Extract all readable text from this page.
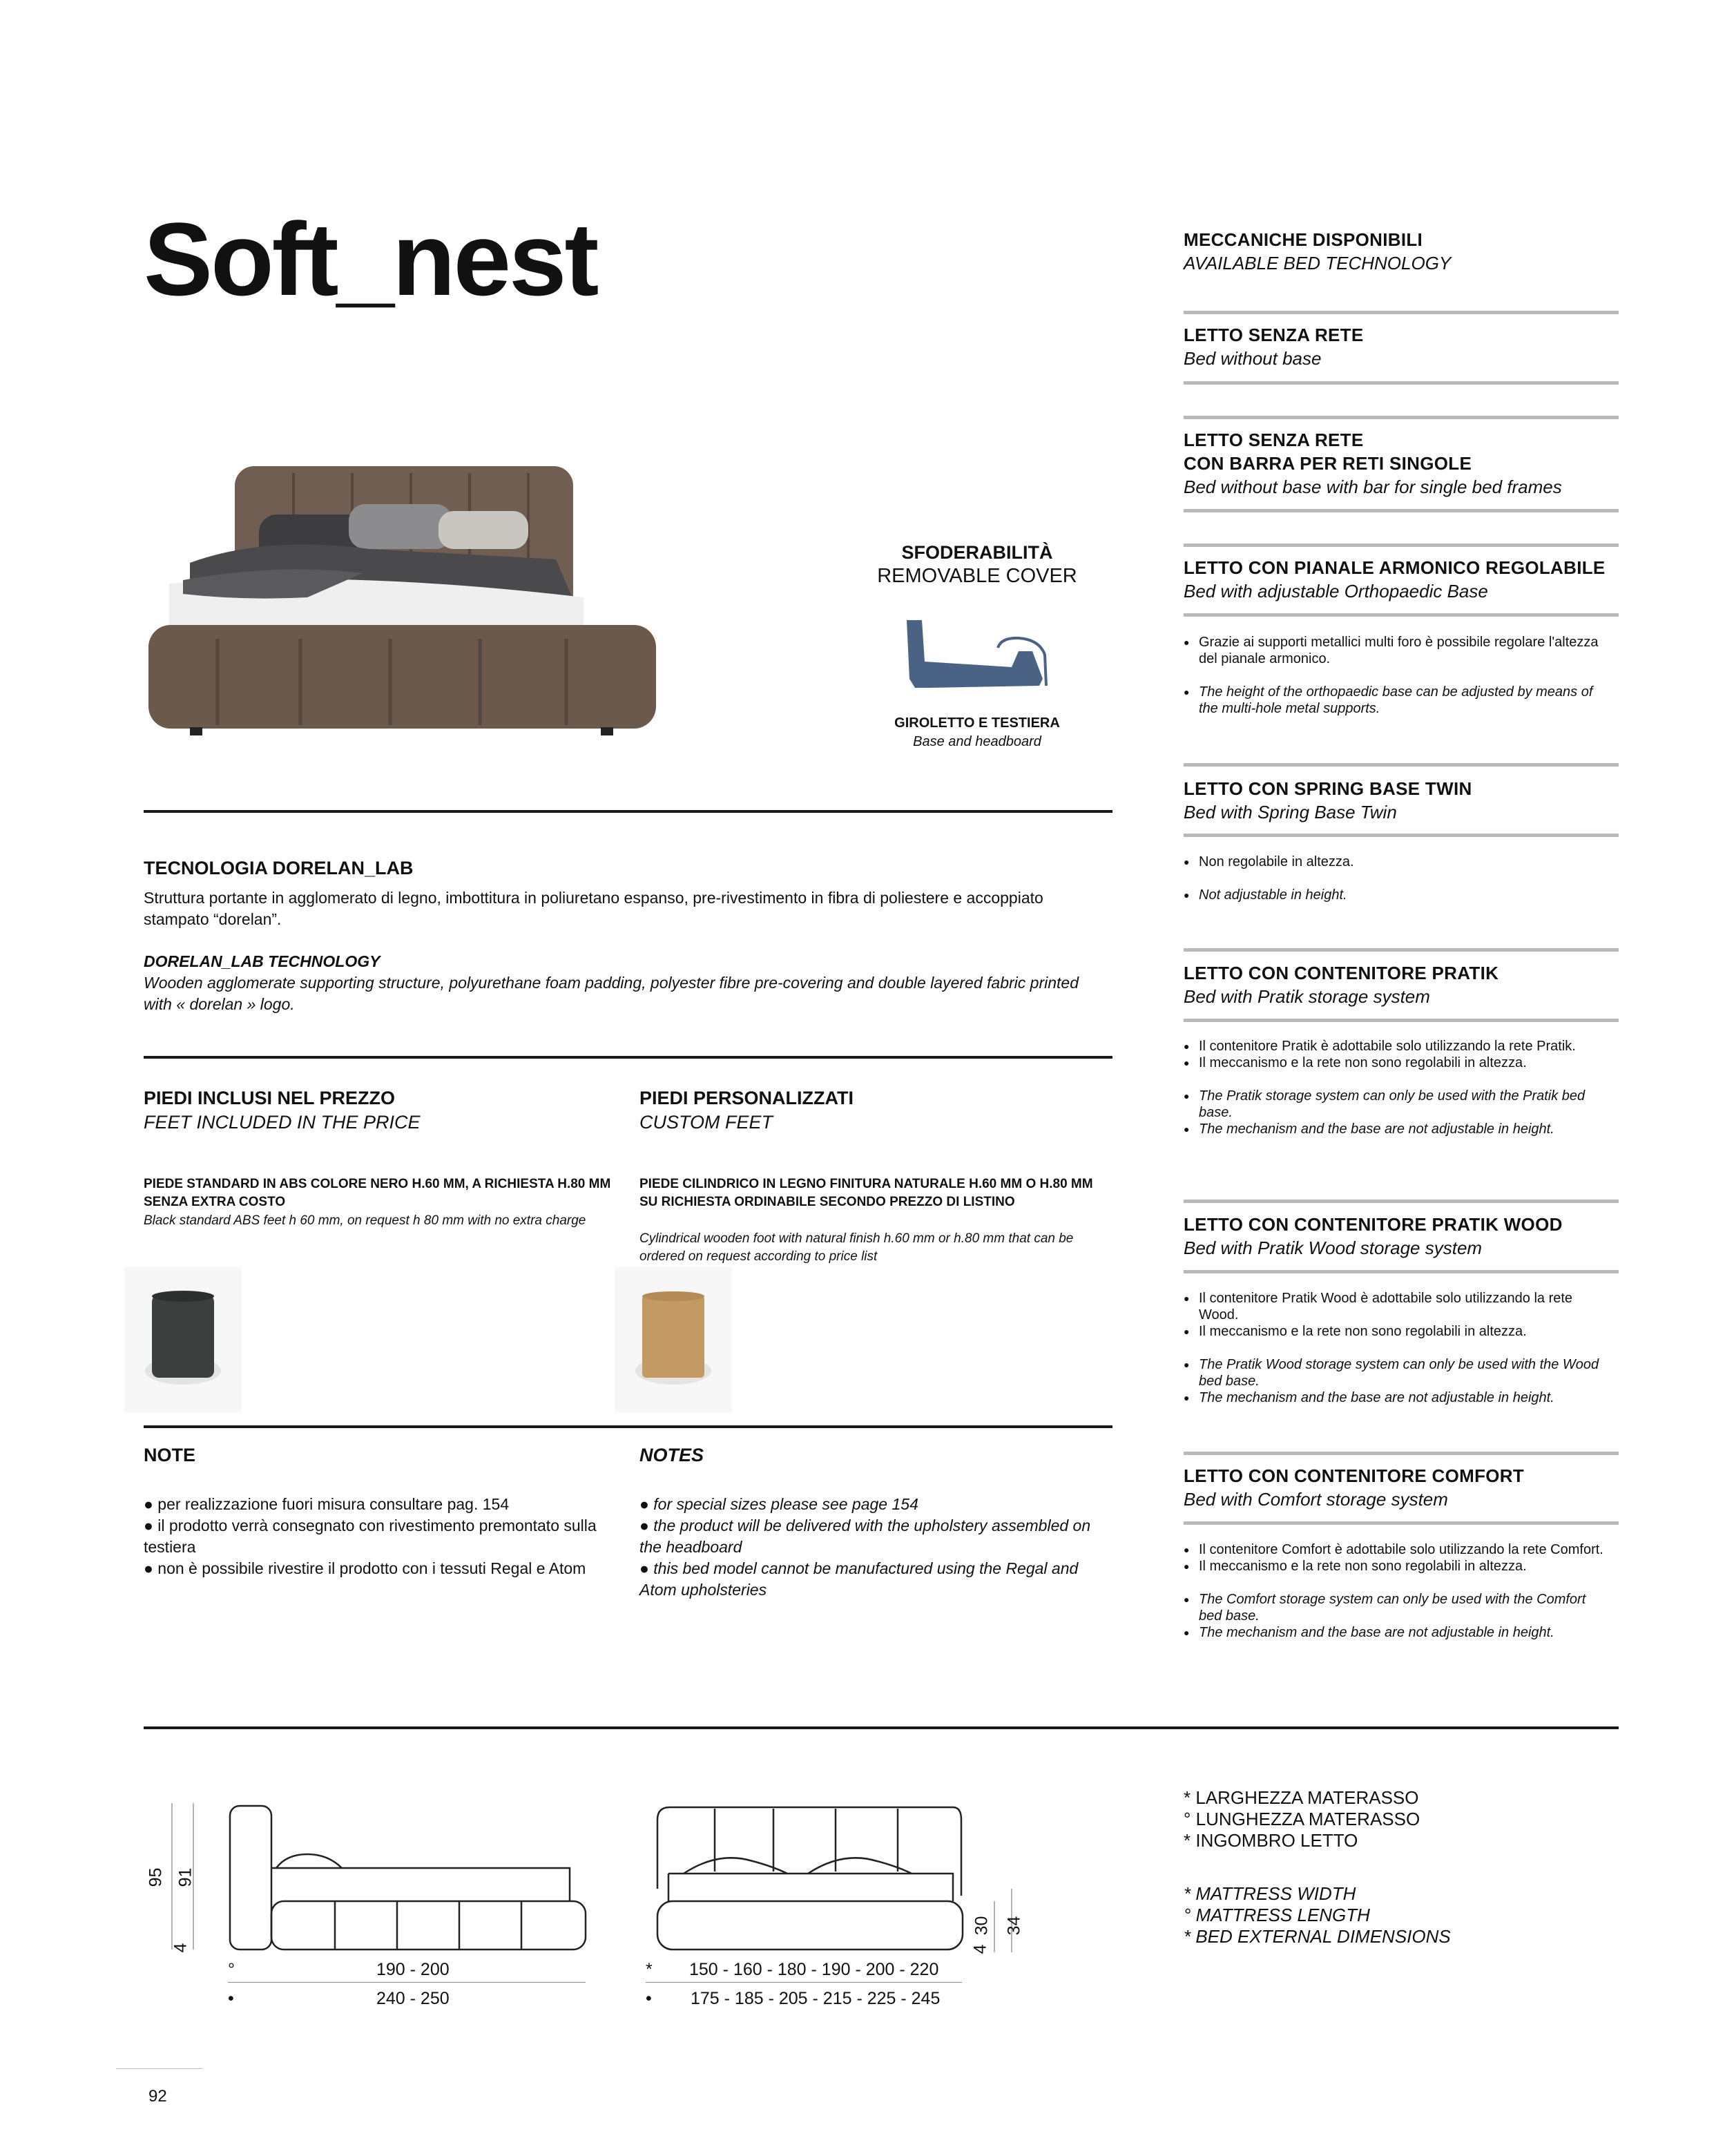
Soft_nest
SFODERABILITÀ
REMOVABLE COVER
GIROLETTO E TESTIERA
Base and headboard
TECNOLOGIA DORELAN_LAB
Struttura portante in agglomerato di legno, imbottitura in poliuretano espanso, pre-rivestimento in fibra di poliestere e accoppiato stampato “dorelan”.
DORELAN_LAB TECHNOLOGY
Wooden agglomerate supporting structure, polyurethane foam padding, polyester fibre pre-covering and double layered fabric printed with « dorelan » logo.
PIEDI INCLUSI NEL PREZZO
FEET INCLUDED IN THE PRICE
PIEDE STANDARD IN ABS COLORE NERO H.60 MM, A RICHIESTA H.80 MM SENZA EXTRA COSTO
Black standard ABS feet h 60 mm, on request h 80 mm with no extra charge
PIEDI PERSONALIZZATI
CUSTOM FEET
PIEDE CILINDRICO IN LEGNO FINITURA NATURALE H.60 MM O H.80 MM SU RICHIESTA ORDINABILE SECONDO PREZZO DI LISTINO
Cylindrical wooden foot with natural finish h.60 mm or h.80 mm that can be ordered on request according to price list
NOTE
● per realizzazione fuori misura consultare pag. 154
● il prodotto verrà consegnato con rivestimento premontato sulla testiera
● non è possibile rivestire il prodotto con i tessuti Regal e Atom
NOTES
● for special sizes please see page 154
● the product will be delivered with the upholstery assembled on the headboard
● this bed model cannot be manufactured using the Regal and Atom upholsteries
MECCANICHE DISPONIBILI
AVAILABLE BED TECHNOLOGY
LETTO SENZA RETE
Bed without base
LETTO SENZA RETE
CON BARRA PER RETI SINGOLE
Bed without base with bar for single bed frames
LETTO CON PIANALE ARMONICO REGOLABILE
Bed with adjustable Orthopaedic Base
● Grazie ai supporti metallici multi foro è possibile regolare l'altezza del pianale armonico.
● The height of the orthopaedic base can be adjusted by means of the multi-hole metal supports.
LETTO CON SPRING BASE TWIN
Bed with Spring Base Twin
● Non regolabile in altezza.
● Not adjustable in height.
LETTO CON CONTENITORE PRATIK
Bed with Pratik storage system
● Il contenitore Pratik è adottabile solo utilizzando la rete Pratik.
● Il meccanismo e la rete non sono regolabili in altezza.
● The Pratik storage system can only be used with the Pratik bed base.
● The mechanism and the base are not adjustable in height.
LETTO CON CONTENITORE PRATIK WOOD
Bed with Pratik Wood storage system
● Il contenitore Pratik Wood è adottabile solo utilizzando la rete Wood.
● Il meccanismo e la rete non sono regolabili in altezza.
● The Pratik Wood storage system can only be used with the Wood bed base.
● The mechanism and the base are not adjustable in height.
LETTO CON CONTENITORE COMFORT
Bed with Comfort storage system
● Il contenitore Comfort è adottabile solo utilizzando la rete Comfort.
● Il meccanismo e la rete non sono regolabili in altezza.
● The Comfort storage system can only be used with the Comfort bed base.
● The mechanism and the base are not adjustable in height.
95 91
4
°	190 - 200
•	240 - 250
4
30 34
* 150 - 160 - 180 - 190 - 200 - 220
• 175 - 185 - 205 - 215 - 225 - 245
* LARGHEZZA MATERASSO
° LUNGHEZZA MATERASSO
* INGOMBRO LETTO
* MATTRESS WIDTH
° MATTRESS LENGTH
* BED EXTERNAL DIMENSIONS
92
